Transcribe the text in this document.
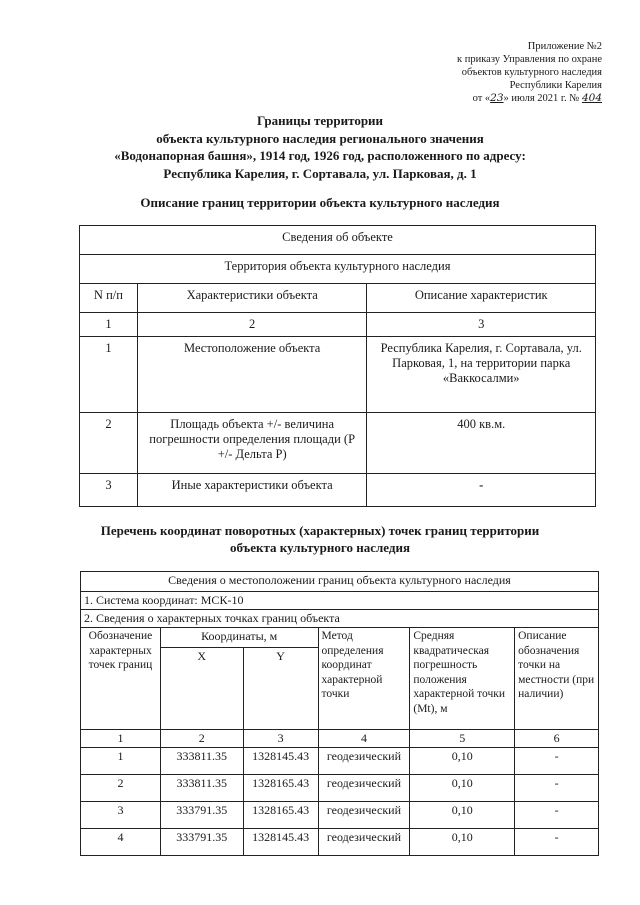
Приложение №2
к приказу Управления по охране
объектов культурного наследия
Республики Карелия
от «23» июля 2021 г. № 404
Границы территории
объекта культурного наследия регионального значения
«Водонапорная башня», 1914 год, 1926 год, расположенного по адресу:
Республика Карелия, г. Сортавала, ул. Парковая, д. 1
Описание границ территории объекта культурного наследия
Сведения об объекте		
Территория объекта культурного наследия		
N п/п	Характеристики объекта	Описание характеристик
1	2	3
1	Местоположение объекта	Республика Карелия, г. Сортавала, ул. Парковая, 1, на территории парка «Ваккосалми»
2	Площадь объекта +/- величина погрешности определения площади (P +/- Дельта P)	400 кв.м.
3	Иные характеристики объекта	-
Перечень координат поворотных (характерных) точек границ территории
объекта культурного наследия
Сведения о местоположении границ объекта культурного наследия					
1. Система координат: МСК-10					
2. Сведения о характерных точках границ объекта					
Обозначение характерных точек границ	Координаты, м		Метод определения координат характерной точки	Средняя квадратическая погрешность положения характерной точки (Mt), м	Описание обозначения точки на местности (при наличии)
	X	Y			
1	2	3	4	5	6
1	333811.35	1328145.43	геодезический	0,10	-
2	333811.35	1328165.43	геодезический	0,10	-
3	333791.35	1328165.43	геодезический	0,10	-
4	333791.35	1328145.43	геодезический	0,10	-
